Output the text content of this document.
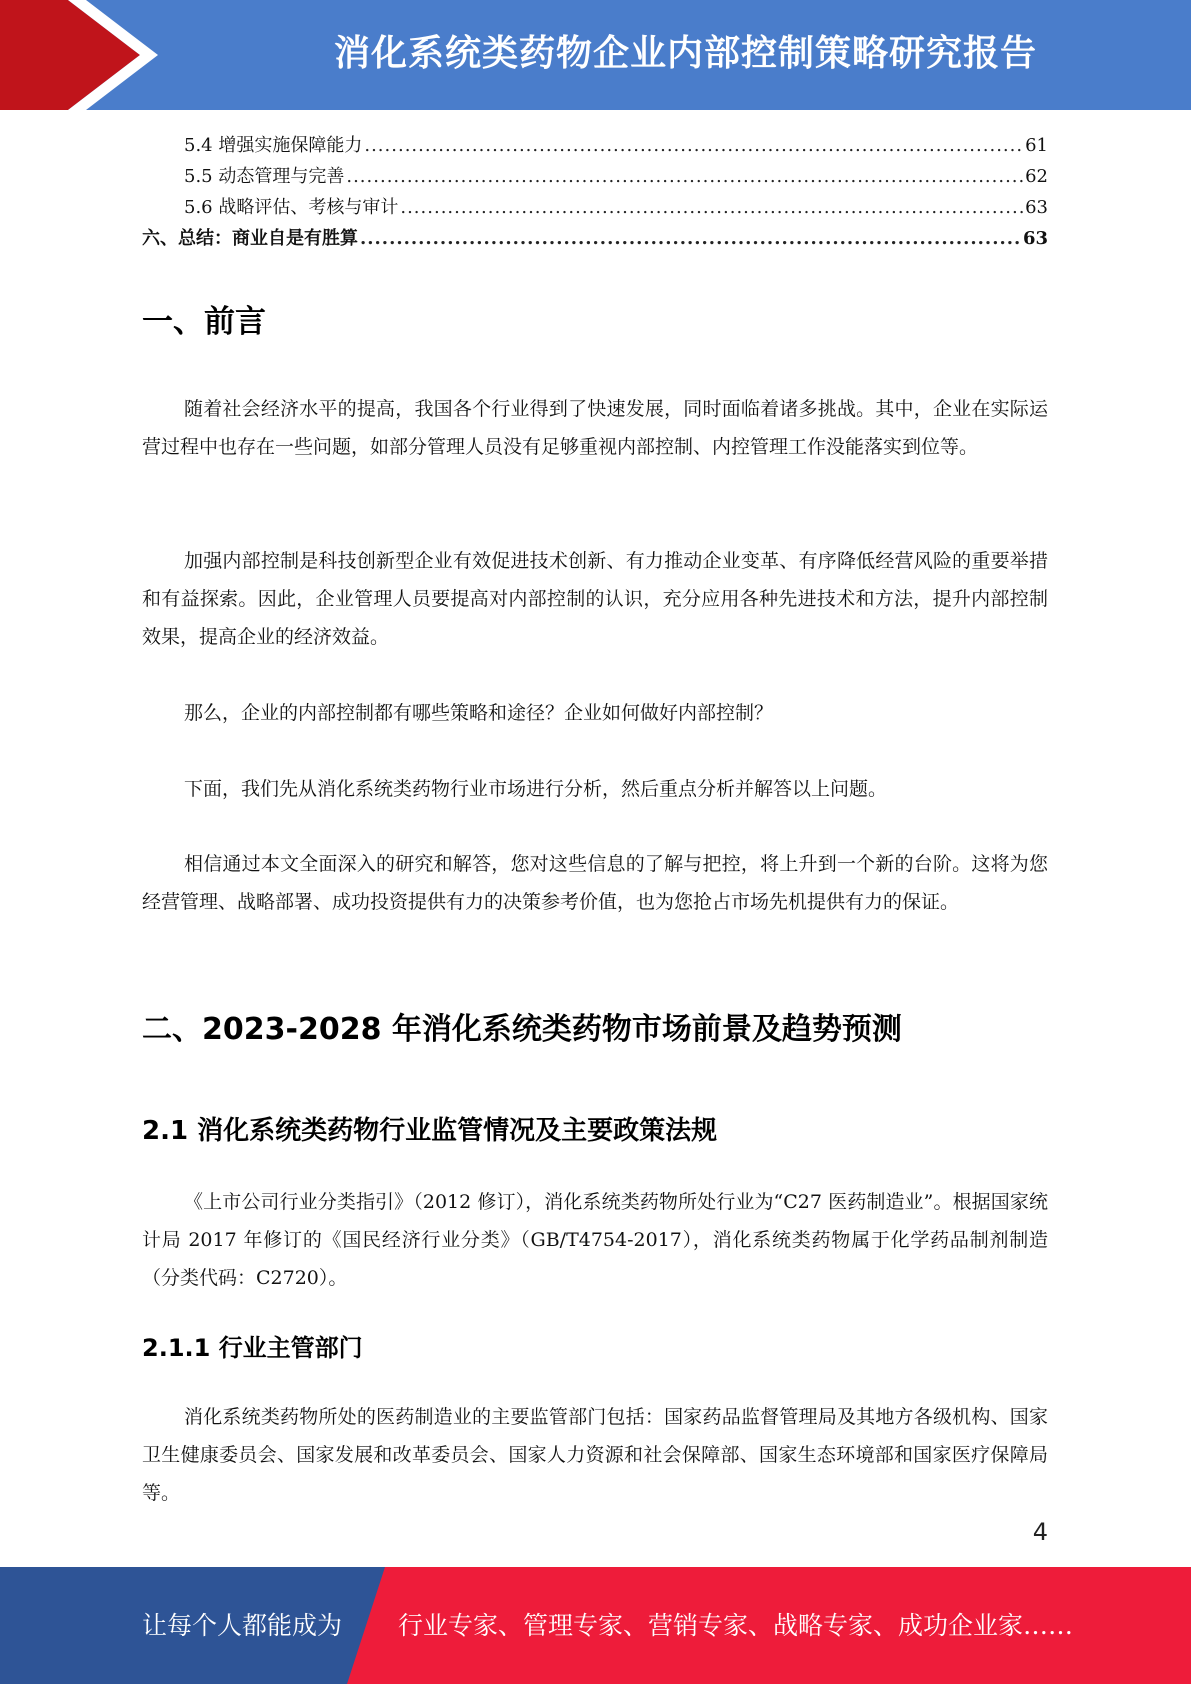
消化系统类药物企业内部控制策略研究报告
5.4 增强实施保障能力 .....	61
5.5 动态管理与完善 .....	62
5.6 战略评估、考核与审计 .....	63
六、总结：商业自是有胜算 .....	63
一、前言

随着社会经济水平的提高，我国各个行业得到了快速发展，同时面临着诸多挑战。其中，企业在实际运营过程中也存在一些问题，如部分管理人员没有足够重视内部控制、内控管理工作没能落实到位等。

加强内部控制是科技创新型企业有效促进技术创新、有力推动企业变革、有序降低经营风险的重要举措和有益探索。因此，企业管理人员要提高对内部控制的认识，充分应用各种先进技术和方法，提升内部控制效果，提高企业的经济效益。

那么，企业的内部控制都有哪些策略和途径？企业如何做好内部控制？

下面，我们先从消化系统类药物行业市场进行分析，然后重点分析并解答以上问题。

相信通过本文全面深入的研究和解答，您对这些信息的了解与把控，将上升到一个新的台阶。这将为您经营管理、战略部署、成功投资提供有力的决策参考价值，也为您抢占市场先机提供有力的保证。

二、2023-2028 年消化系统类药物市场前景及趋势预测
2.1 消化系统类药物行业监管情况及主要政策法规

《上市公司行业分类指引》（2012 修订），消化系统类药物所处行业为“C27 医药制造业”。根据国家统计局 2017 年修订的《国民经济行业分类》（GB/T4754-2017），消化系统类药物属于化学药品制剂制造（分类代码：C2720）。

2.1.1 行业主管部门

消化系统类药物所处的医药制造业的主要监管部门包括：国家药品监督管理局及其地方各级机构、国家卫生健康委员会、国家发展和改革委员会、国家人力资源和社会保障部、国家生态环境部和国家医疗保障局等。

4
让每个人都能成为 行业专家、管理专家、营销专家、战略专家、成功企业家……
